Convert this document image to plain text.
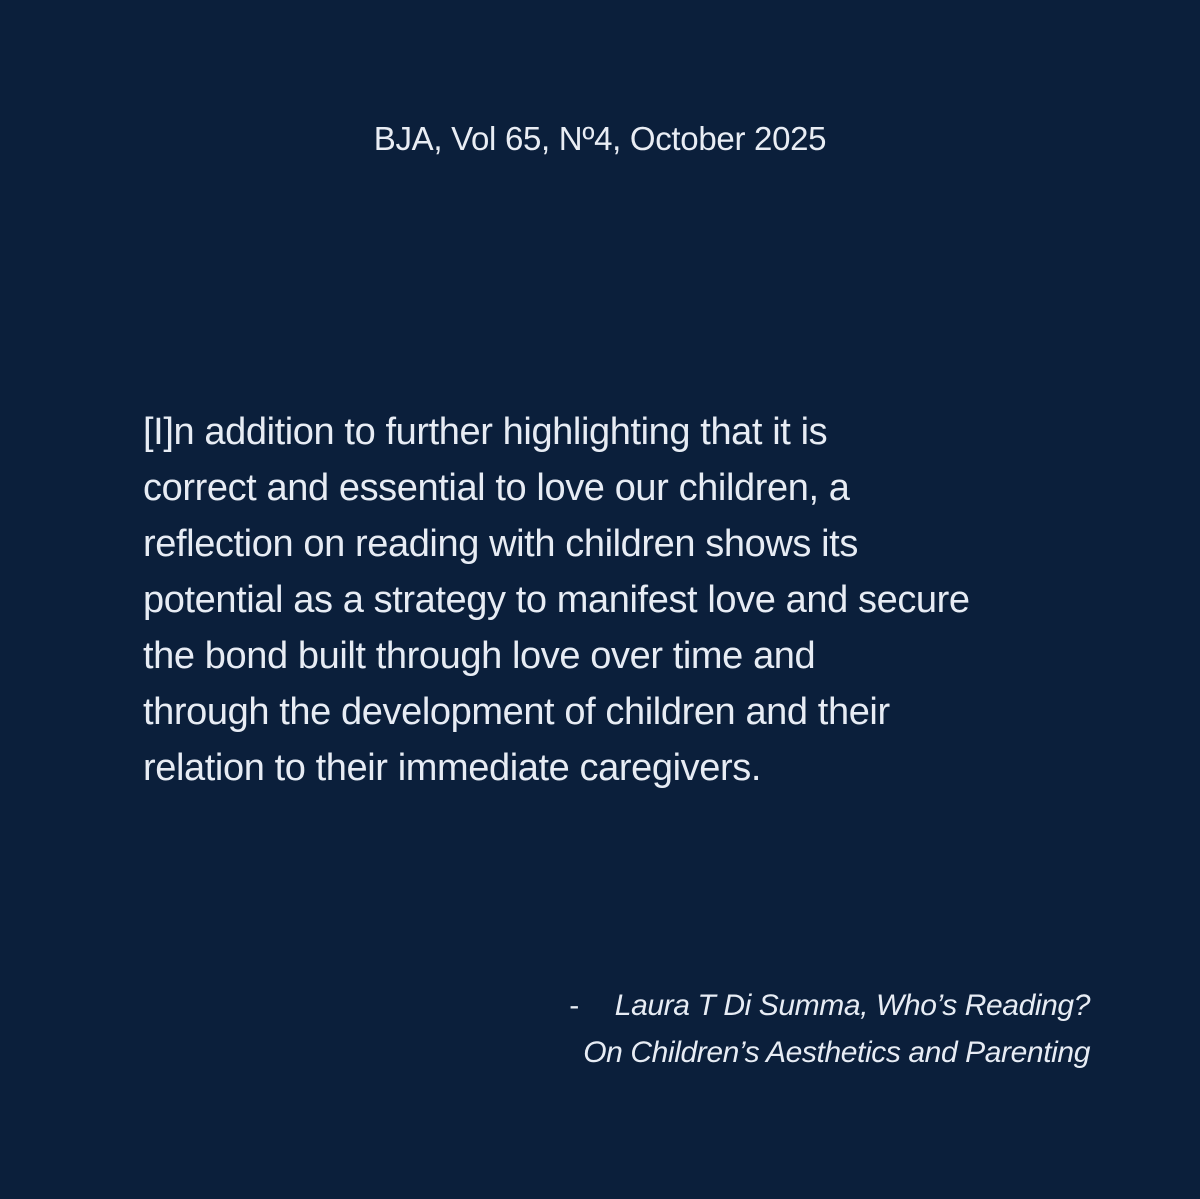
BJA, Vol 65, Nº4, October 2025

[I]n addition to further highlighting that it is
correct and essential to love our children, a
reflection on reading with children shows its
potential as a strategy to manifest love and secure
the bond built through love over time and
through the development of children and their
relation to their immediate caregivers.

- Laura T Di Summa, Who’s Reading?
On Children’s Aesthetics and Parenting
